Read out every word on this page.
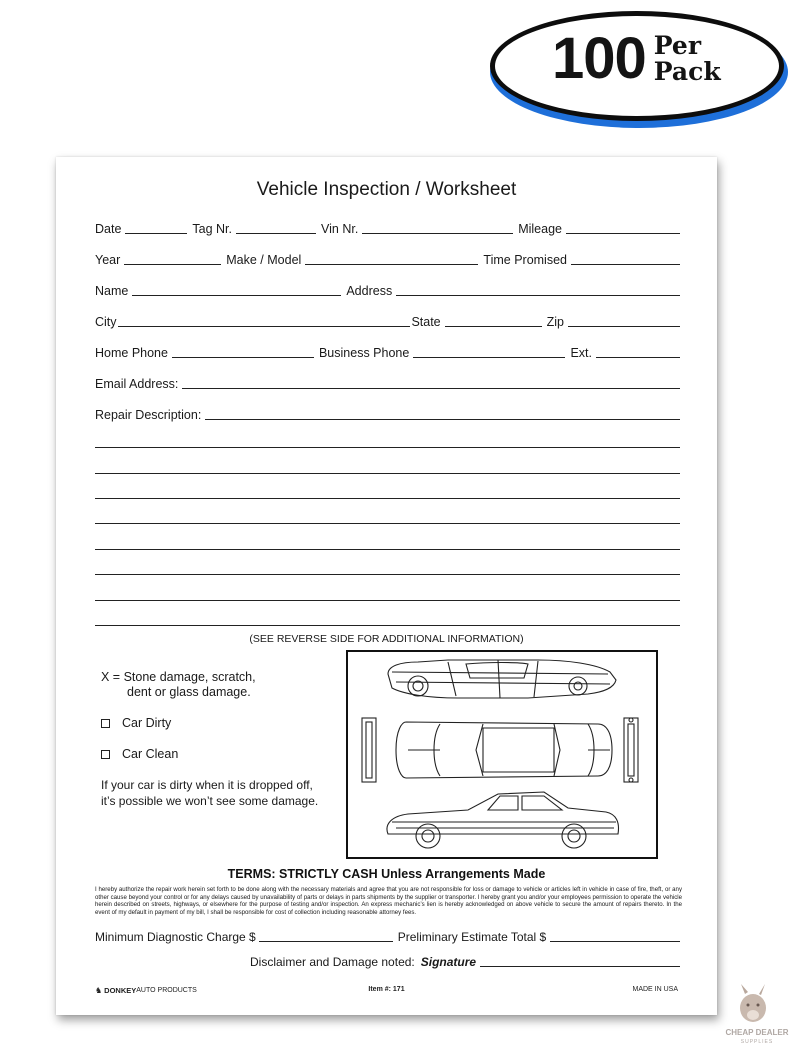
100 Per
Pack
Vehicle Inspection / Worksheet
Date	Tag Nr.	Vin Nr.	Mileage
Year	Make / Model	Time Promised
Name	Address
City	State	Zip
Home Phone	Business Phone	Ext.
Email Address:
Repair Description:
(SEE REVERSE SIDE FOR ADDITIONAL INFORMATION)
X = Stone damage, scratch,
dent or glass damage.
Car Dirty
Car Clean
If your car is dirty when it is dropped off,
it’s possible we won’t see some damage.
TERMS: STRICTLY CASH Unless Arrangements Made
I hereby authorize the repair work herein set forth to be done along with the necessary materials and agree that you are not responsible for loss or damage to vehicle or articles left in vehicle in case of fire, theft, or any other cause beyond your control or for any delays caused by unavailability of parts or delays in parts shipments by the supplier or transporter. I hereby grant you and/or your employees permission to operate the vehicle herein described on streets, highways, or elsewhere for the purpose of testing and/or inspection. An express mechanic’s lien is hereby acknowledged on above vehicle to secure the amount of repairs thereto. In the event of my default in payment of my bill, I shall be responsible for cost of collection including reasonable attorney fees.
Minimum Diagnostic Charge $	Preliminary Estimate Total $
Disclaimer and Damage noted: Signature
♞ DONKEY AUTO PRODUCTS	Item #: 171	MADE IN USA
CHEAP DEALER
SUPPLIES
